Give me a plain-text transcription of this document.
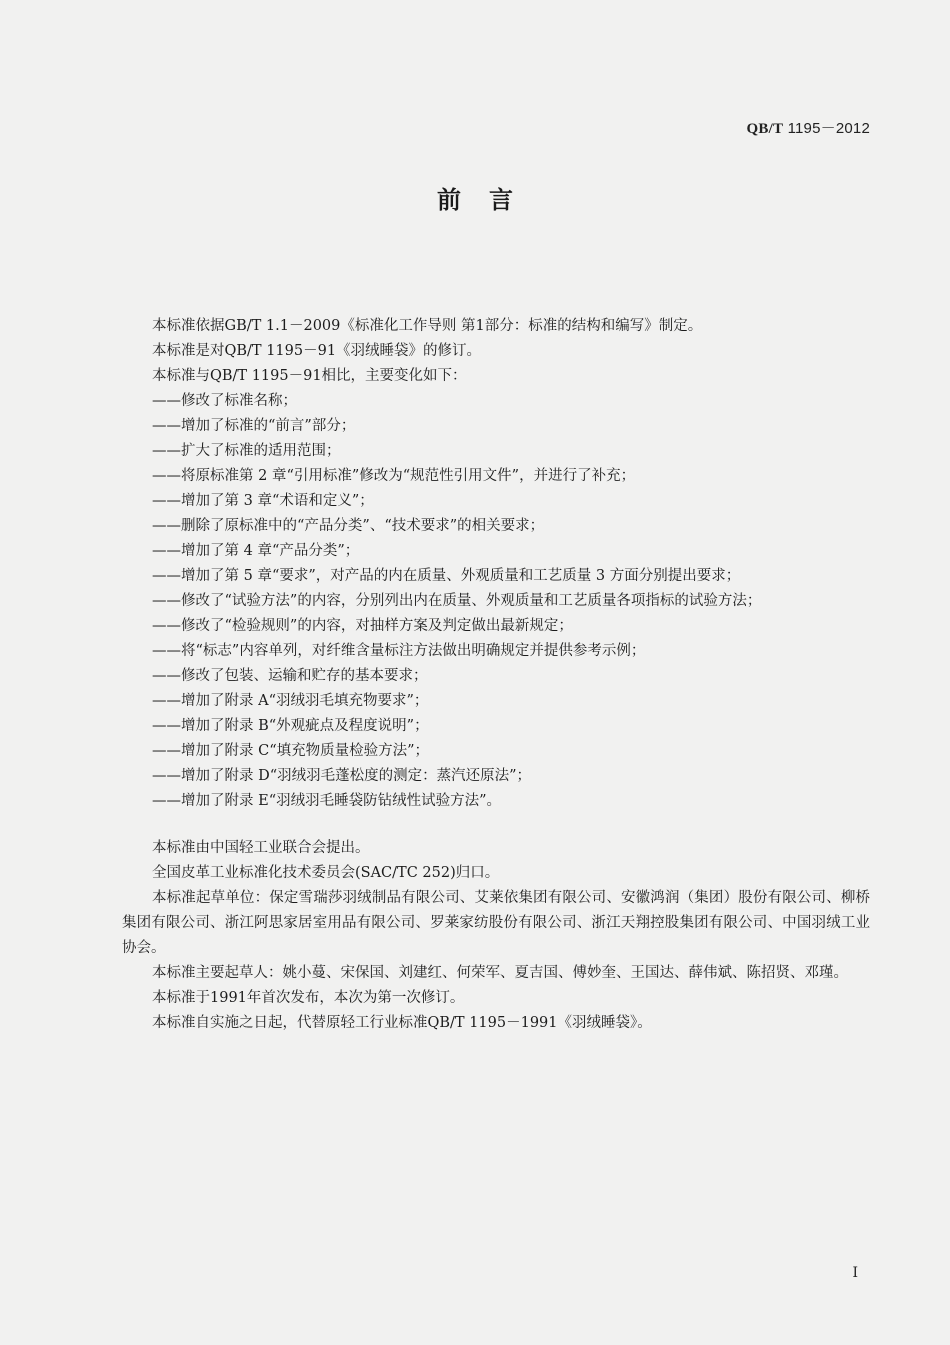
QB/T 1195－2012
前言

本标准依据GB/T 1.1－2009《标准化工作导则 第1部分：标准的结构和编写》制定。

本标准是对QB/T 1195－91《羽绒睡袋》的修订。

本标准与QB/T 1195－91相比，主要变化如下：

——修改了标准名称；

——增加了标准的“前言”部分；

——扩大了标准的适用范围；

——将原标准第 2 章“引用标准”修改为“规范性引用文件”，并进行了补充；

——增加了第 3 章“术语和定义”；

——删除了原标准中的“产品分类”、“技术要求”的相关要求；

——增加了第 4 章“产品分类”；

——增加了第 5 章“要求”，对产品的内在质量、外观质量和工艺质量 3 方面分别提出要求；

——修改了“试验方法”的内容，分别列出内在质量、外观质量和工艺质量各项指标的试验方法；

——修改了“检验规则”的内容，对抽样方案及判定做出最新规定；

——将“标志”内容单列，对纤维含量标注方法做出明确规定并提供参考示例；

——修改了包装、运输和贮存的基本要求；

——增加了附录 A“羽绒羽毛填充物要求”；

——增加了附录 B“外观疵点及程度说明”；

——增加了附录 C“填充物质量检验方法”；

——增加了附录 D“羽绒羽毛蓬松度的测定：蒸汽还原法”；

——增加了附录 E“羽绒羽毛睡袋防钻绒性试验方法”。

本标准由中国轻工业联合会提出。

全国皮革工业标准化技术委员会(SAC/TC 252)归口。

本标准起草单位：保定雪瑞莎羽绒制品有限公司、艾莱依集团有限公司、安徽鸿润（集团）股份有限公司、柳桥集团有限公司、浙江阿思家居室用品有限公司、罗莱家纺股份有限公司、浙江天翔控股集团有限公司、中国羽绒工业协会。

本标准主要起草人：姚小蔓、宋保国、刘建红、何荣军、夏吉国、傅妙奎、王国达、薛伟斌、陈招贤、邓瑾。

本标准于1991年首次发布，本次为第一次修订。

本标准自实施之日起，代替原轻工行业标准QB/T 1195－1991《羽绒睡袋》。

I
